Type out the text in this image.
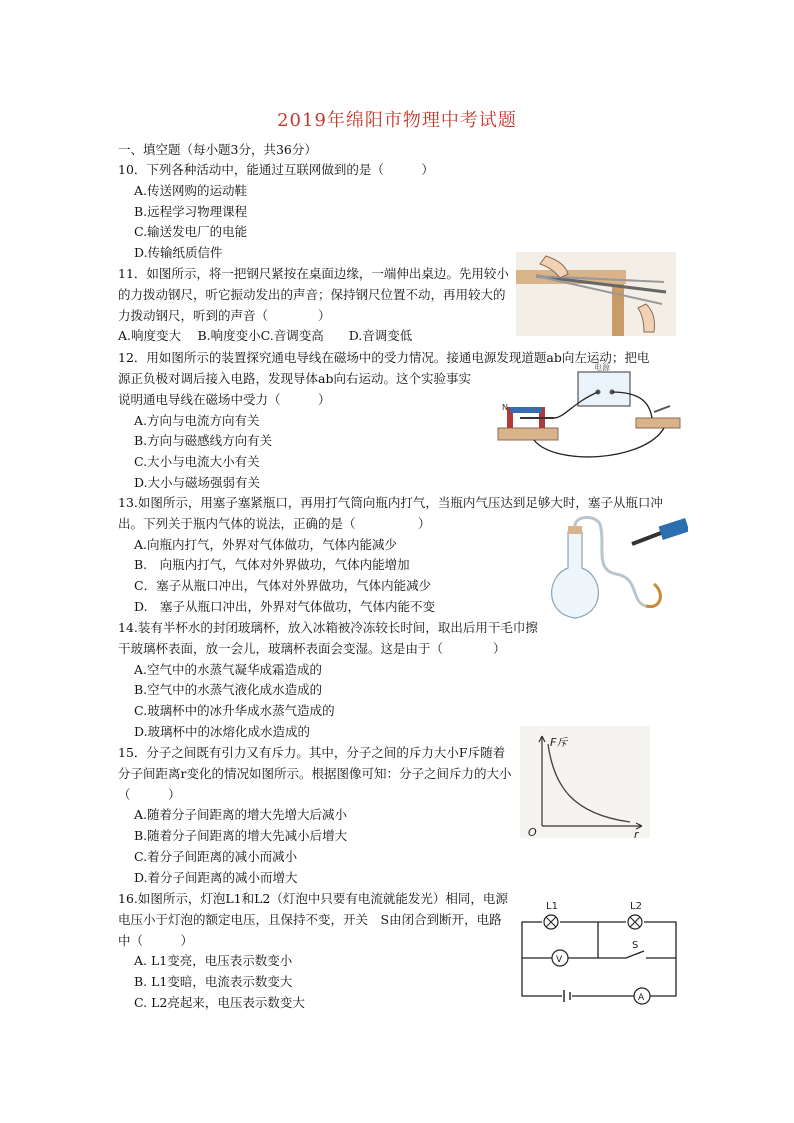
2019年绵阳市物理中考试题
一、填空题（每小题3分，共36分）
10．下列各种活动中，能通过互联网做到的是（　　　）
A.传送网购的运动鞋
B.远程学习物理课程
C.输送发电厂的电能
D.传输纸质信件
11．如图所示，将一把钢尺紧按在桌面边缘，一端伸出桌边。先用较小的力拨动钢尺，听它振动发出的声音；保持钢尺位置不动，再用较大的力拨动钢尺，听到的声音（　　　　）
A.响度变大　 B.响度变小C.音调变高　　D.音调变低
12．用如图所示的装置探究通电导线在磁场中的受力情况。接通电源发现道题ab向左运动；把电
源正负极对调后接入电路，发现导体ab向右运动。这个实验事实说明通电导线在磁场中受力（　　　）
A.方向与电流方向有关
B.方向与磁感线方向有关
C.大小与电流大小有关
D.大小与磁场强弱有关
电源
N
13.如图所示，用塞子塞紧瓶口，再用打气筒向瓶内打气，当瓶内气压达到足够大时，塞子从瓶口冲
出。下列关于瓶内气体的说法，正确的是（　　　　　）
A.向瓶内打气，外界对气体做功，气体内能减少
B.　向瓶内打气，气体对外界做功，气体内能增加
C．塞子从瓶口冲出，气体对外界做功，气体内能减少
D.　塞子从瓶口冲出，外界对气体做功，气体内能不变
14.装有半杯水的封闭玻璃杯，放入冰箱被冷冻较长时间，取出后用干毛巾擦干玻璃杯表面，放一会儿，玻璃杯表面会变湿。这是由于（　　　　）
A.空气中的水蒸气凝华成霜造成的
B.空气中的水蒸气液化成水造成的
C.玻璃杯中的冰升华成水蒸气造成的
D.玻璃杯中的冰熔化成水造成的
15．分子之间既有引力又有斥力。其中，分子之间的斥力大小F斥随着分子间距离r变化的情况如图所示。根据图像可知：分子之间斥力的大小（　　　）
A.随着分子间距离的增大先增大后减小
B.随着分子间距离的增大先减小后增大
C.着分子间距离的减小而减小
D.着分子间距离的减小而增大
F斥
r
O
16.如图所示，灯泡L1和L2（灯泡中只要有电流就能发光）相同，电源电压小于灯泡的额定电压，且保持不变，开关　S由闭合到断开，电路中（　　　）
A. L1变亮，电压表示数变小
B. L1变暗，电流表示数变大
C. L2亮起来，电压表示数变大
L1	L2
V
S
A
